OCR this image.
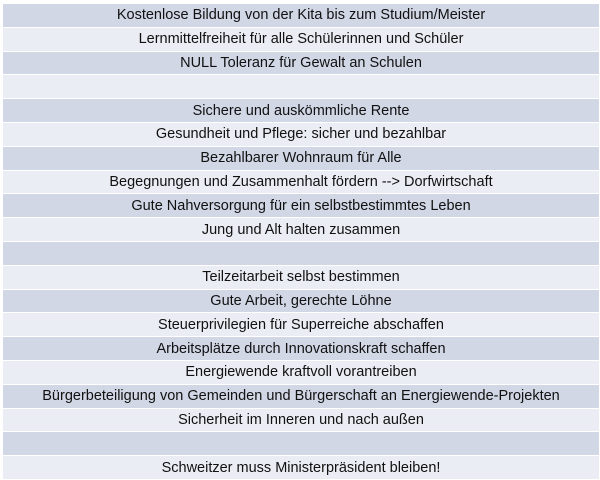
Kostenlose Bildung von der Kita bis zum Studium/Meister
Lernmittelfreiheit für alle Schülerinnen und Schüler
NULL Toleranz für Gewalt an Schulen

Sichere und auskömmliche Rente
Gesundheit und Pflege: sicher und bezahlbar
Bezahlbarer Wohnraum für Alle
Begegnungen und Zusammenhalt fördern --> Dorfwirtschaft
Gute Nahversorgung für ein selbstbestimmtes Leben
Jung und Alt halten zusammen

Teilzeitarbeit selbst bestimmen
Gute Arbeit, gerechte Löhne
Steuerprivilegien für Superreiche abschaffen
Arbeitsplätze durch Innovationskraft schaffen
Energiewende kraftvoll vorantreiben
Bürgerbeteiligung von Gemeinden und Bürgerschaft an Energiewende-Projekten
Sicherheit im Inneren und nach außen

Schweitzer muss Ministerpräsident bleiben!
